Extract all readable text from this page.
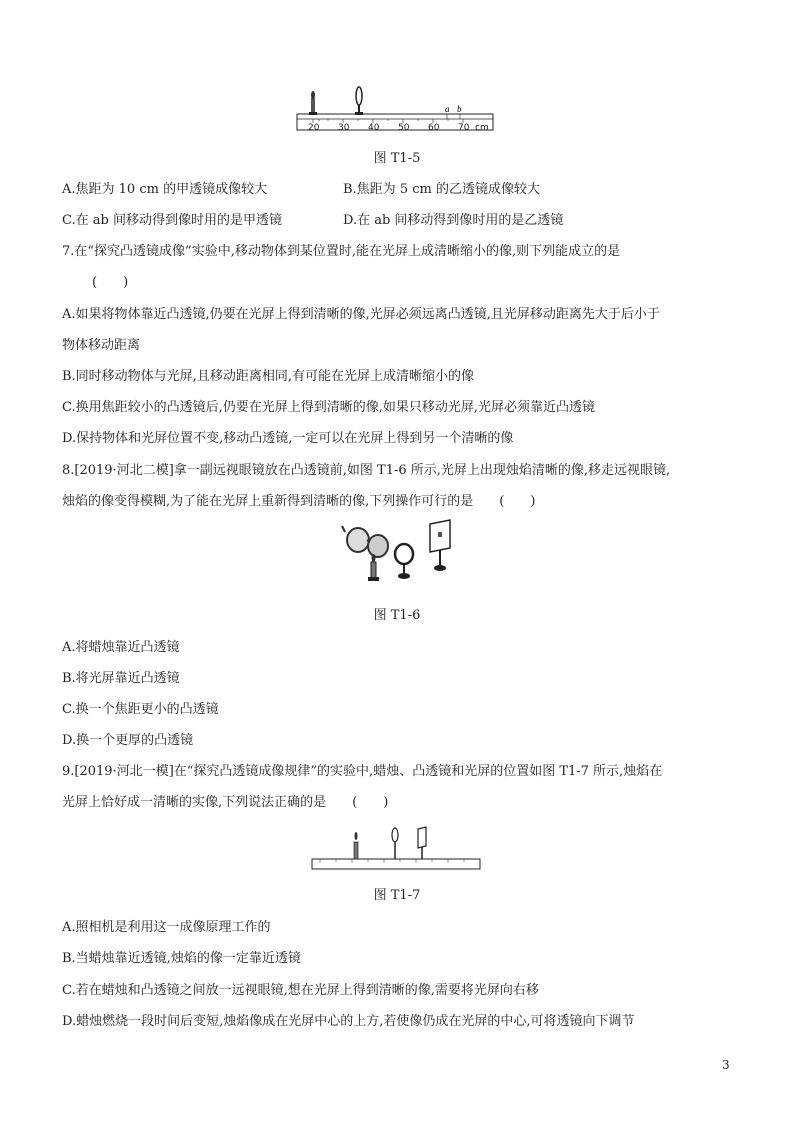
a b
20 30 40 50 60 70 cm
图 T1-5
A.焦距为 10 cm 的甲透镜成像较大	B.焦距为 5 cm 的乙透镜成像较大
C.在 ab 间移动得到像时用的是甲透镜	D.在 ab 间移动得到像时用的是乙透镜
7.在“探究凸透镜成像”实验中,移动物体到某位置时,能在光屏上成清晰缩小的像,则下列能成立的是
(　　)
A.如果将物体靠近凸透镜,仍要在光屏上得到清晰的像,光屏必须远离凸透镜,且光屏移动距离先大于后小于
物体移动距离
B.同时移动物体与光屏,且移动距离相同,有可能在光屏上成清晰缩小的像
C.换用焦距较小的凸透镜后,仍要在光屏上得到清晰的像,如果只移动光屏,光屏必须靠近凸透镜
D.保持物体和光屏位置不变,移动凸透镜,一定可以在光屏上得到另一个清晰的像
8.[2019·河北二模]拿一副远视眼镜放在凸透镜前,如图 T1-6 所示,光屏上出现烛焰清晰的像,移走远视眼镜,
烛焰的像变得模糊,为了能在光屏上重新得到清晰的像,下列操作可行的是　　(　　)
图 T1-6
A.将蜡烛靠近凸透镜
B.将光屏靠近凸透镜
C.换一个焦距更小的凸透镜
D.换一个更厚的凸透镜
9.[2019·河北一模]在“探究凸透镜成像规律”的实验中,蜡烛、凸透镜和光屏的位置如图 T1-7 所示,烛焰在
光屏上恰好成一清晰的实像,下列说法正确的是　　(　　)
图 T1-7
A.照相机是利用这一成像原理工作的
B.当蜡烛靠近透镜,烛焰的像一定靠近透镜
C.若在蜡烛和凸透镜之间放一远视眼镜,想在光屏上得到清晰的像,需要将光屏向右移
D.蜡烛燃烧一段时间后变短,烛焰像成在光屏中心的上方,若使像仍成在光屏的中心,可将透镜向下调节
3
